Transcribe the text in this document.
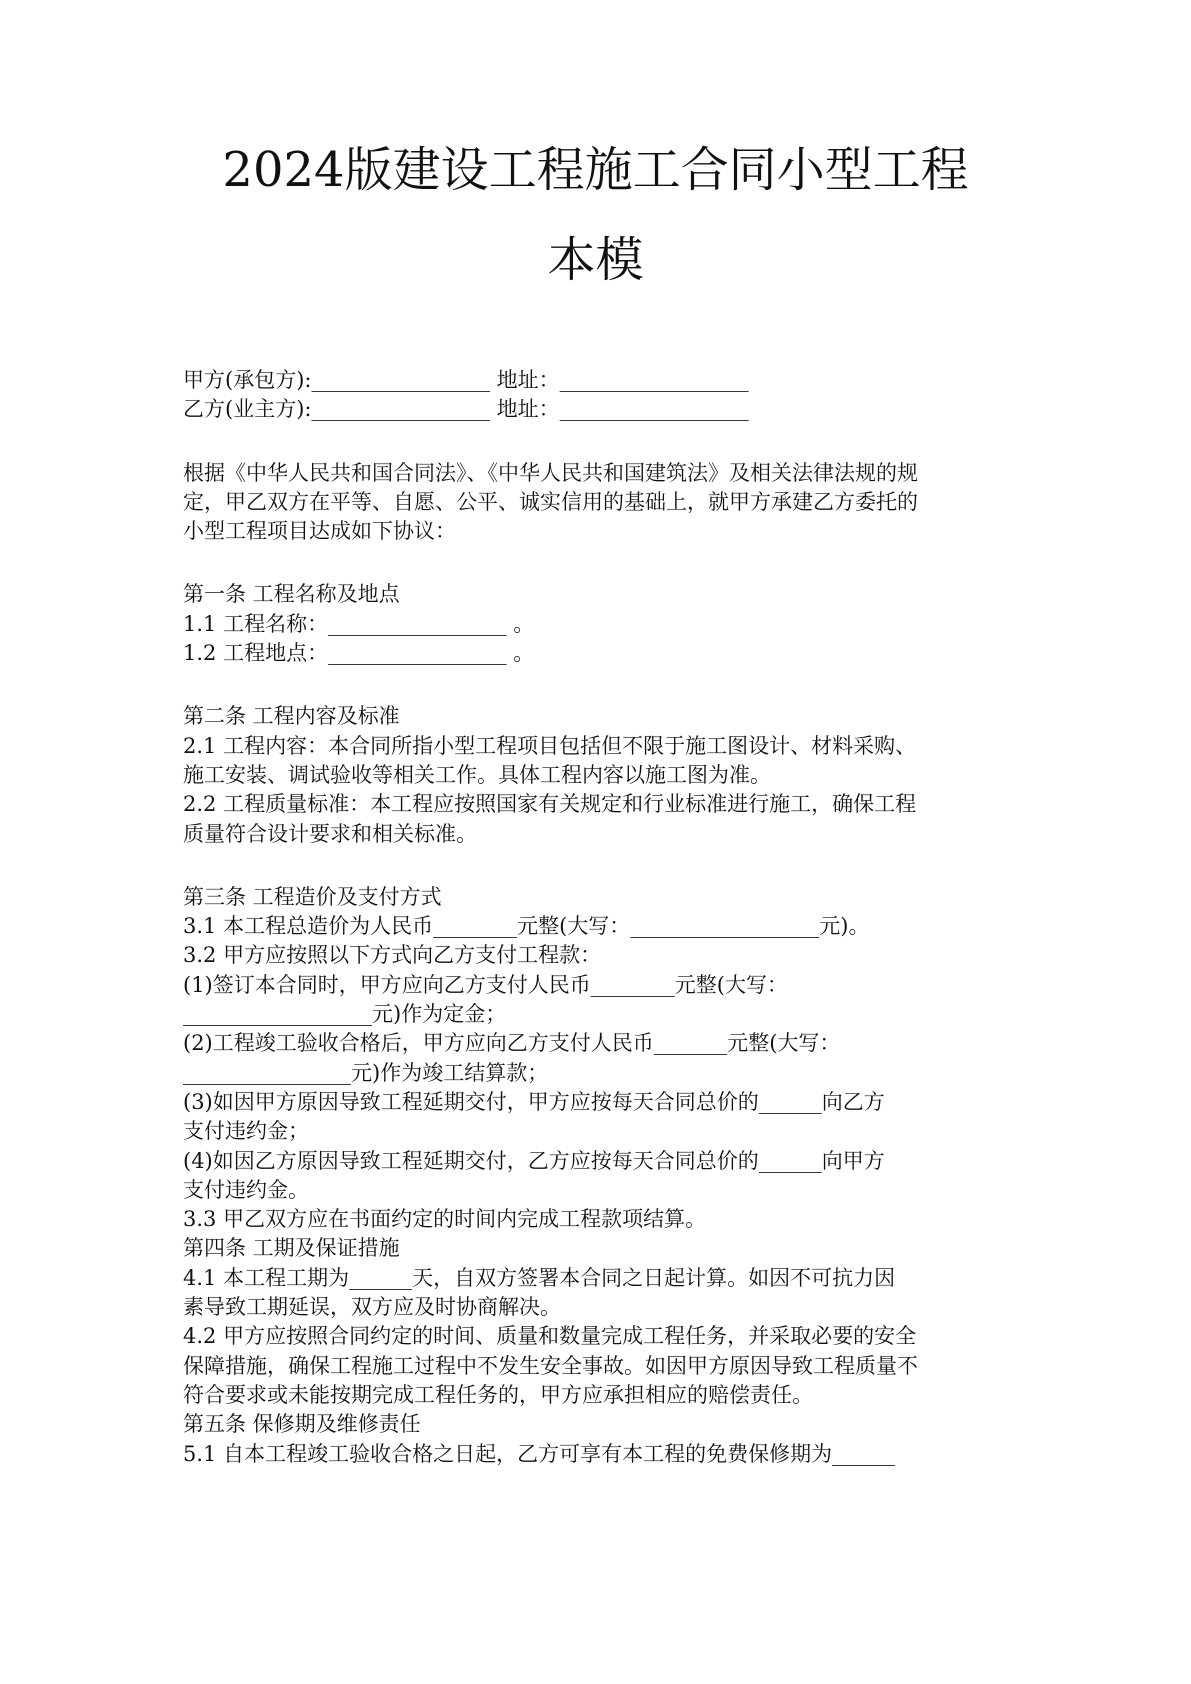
2024版建设工程施工合同小型工程
本模
甲方(承包方):_________________ 地址：__________________
乙方(业主方):_________________ 地址：__________________
根据《中华人民共和国合同法》、《中华人民共和国建筑法》及相关法律法规的规
定，甲乙双方在平等、自愿、公平、诚实信用的基础上，就甲方承建乙方委托的
小型工程项目达成如下协议：
第一条 工程名称及地点
1.1 工程名称：_________________ 。
1.2 工程地点：_________________ 。
第二条 工程内容及标准
2.1 工程内容：本合同所指小型工程项目包括但不限于施工图设计、材料采购、
施工安装、调试验收等相关工作。具体工程内容以施工图为准。
2.2 工程质量标准：本工程应按照国家有关规定和行业标准进行施工，确保工程
质量符合设计要求和相关标准。
第三条 工程造价及支付方式
3.1 本工程总造价为人民币________元整(大写：__________________元)。
3.2 甲方应按照以下方式向乙方支付工程款：
(1)签订本合同时，甲方应向乙方支付人民币________元整(大写：
__________________元)作为定金；
(2)工程竣工验收合格后，甲方应向乙方支付人民币_______元整(大写：
________________元)作为竣工结算款；
(3)如因甲方原因导致工程延期交付，甲方应按每天合同总价的______向乙方
支付违约金；
(4)如因乙方原因导致工程延期交付，乙方应按每天合同总价的______向甲方
支付违约金。
3.3 甲乙双方应在书面约定的时间内完成工程款项结算。
第四条 工期及保证措施
4.1 本工程工期为______天，自双方签署本合同之日起计算。如因不可抗力因
素导致工期延误，双方应及时协商解决。
4.2 甲方应按照合同约定的时间、质量和数量完成工程任务，并采取必要的安全
保障措施，确保工程施工过程中不发生安全事故。如因甲方原因导致工程质量不
符合要求或未能按期完成工程任务的，甲方应承担相应的赔偿责任。
第五条 保修期及维修责任
5.1 自本工程竣工验收合格之日起，乙方可享有本工程的免费保修期为______
